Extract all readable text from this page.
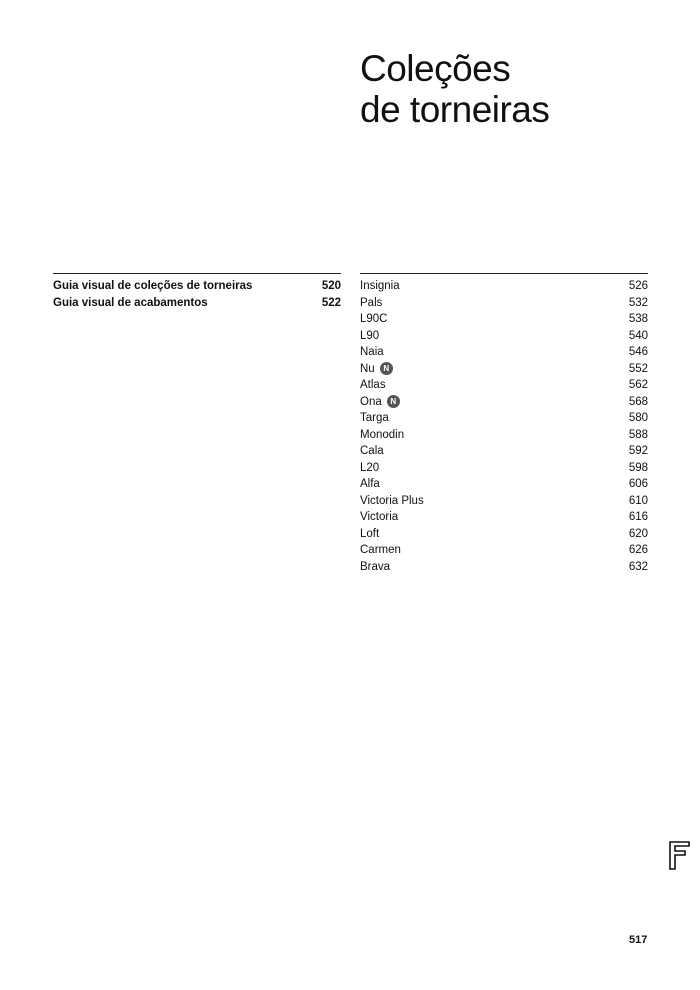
Coleções
de torneiras
Guia visual de coleções de torneiras	520
Guia visual de acabamentos	522
Insignia	526
Pals	532
L90C	538
L90	540
Naia	546
Nu	N	552
Atlas	562
Ona	N	568
Targa	580
Monodin	588
Cala	592
L20	598
Alfa	606
Victoria Plus	610
Victoria	616
Loft	620
Carmen	626
Brava	632
517
